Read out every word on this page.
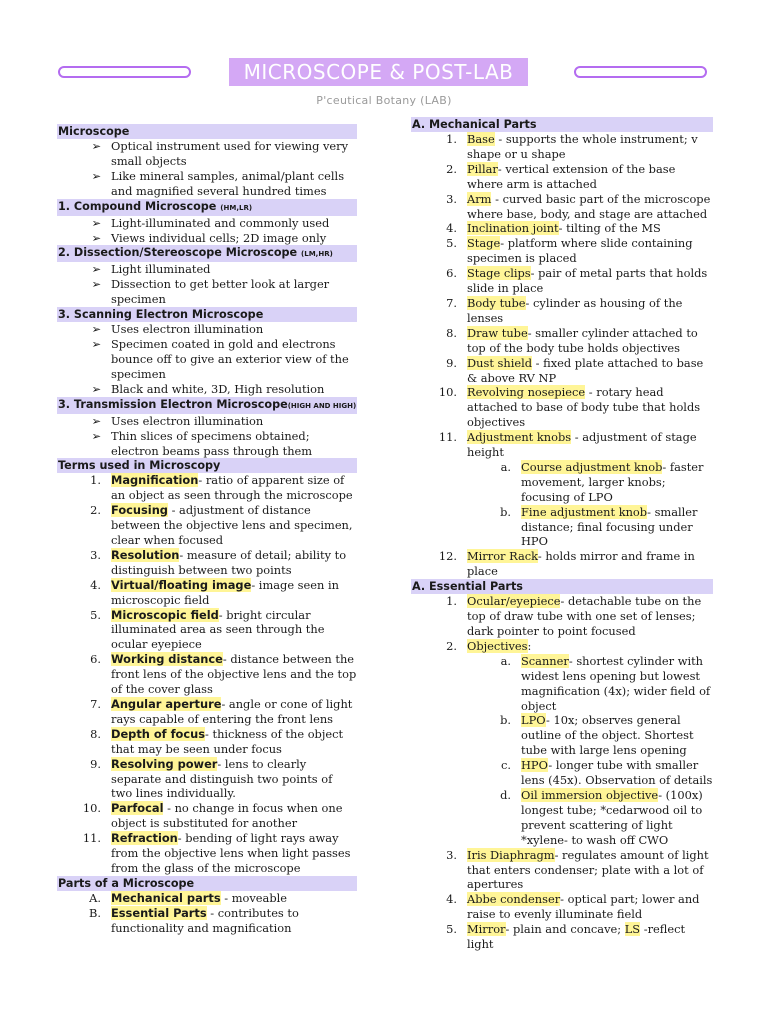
MICROSCOPE & POST-LAB
P'ceutical Botany (LAB)
Microscope
➢ Optical instrument used for viewing very small objects
➢ Like mineral samples, animal/plant cells and magnified several hundred times
1. Compound Microscope (HM,LR)
➢ Light-illuminated and commonly used
➢ Views individual cells; 2D image only
2. Dissection/Stereoscope Microscope (LM,HR)
➢ Light illuminated
➢ Dissection to get better look at larger specimen
3. Scanning Electron Microscope
➢ Uses electron illumination
➢ Specimen coated in gold and electrons bounce off to give an exterior view of the specimen
➢ Black and white, 3D, High resolution
3. Transmission Electron Microscope(HIGH AND HIGH)
➢ Uses electron illumination
➢ Thin slices of specimens obtained; electron beams pass through them
Terms used in Microscopy
1. Magnification- ratio of apparent size of an object as seen through the microscope
2. Focusing - adjustment of distance between the objective lens and specimen, clear when focused
3. Resolution- measure of detail; ability to distinguish between two points
4. Virtual/floating image- image seen in microscopic field
5. Microscopic field- bright circular illuminated area as seen through the ocular eyepiece
6. Working distance- distance between the front lens of the objective lens and the top of the cover glass
7. Angular aperture- angle or cone of light rays capable of entering the front lens
8. Depth of focus- thickness of the object that may be seen under focus
9. Resolving power- lens to clearly separate and distinguish two points of two lines individually.
10. Parfocal - no change in focus when one object is substituted for another
11. Refraction- bending of light rays away from the objective lens when light passes from the glass of the microscope
Parts of a Microscope
A. Mechanical parts - moveable
B. Essential Parts - contributes to functionality and magnification
A. Mechanical Parts
1. Base - supports the whole instrument; v shape or u shape
2. Pillar- vertical extension of the base where arm is attached
3. Arm - curved basic part of the microscope where base, body, and stage are attached
4. Inclination joint- tilting of the MS
5. Stage- platform where slide containing specimen is placed
6. Stage clips- pair of metal parts that holds slide in place
7. Body tube- cylinder as housing of the lenses
8. Draw tube- smaller cylinder attached to top of the body tube holds objectives
9. Dust shield - fixed plate attached to base & above RV NP
10. Revolving nosepiece - rotary head attached to base of body tube that holds objectives
11. Adjustment knobs - adjustment of stage height
a. Course adjustment knob- faster movement, larger knobs; focusing of LPO
b. Fine adjustment knob- smaller distance; final focusing under HPO
12. Mirror Rack- holds mirror and frame in place
A. Essential Parts
1. Ocular/eyepiece- detachable tube on the top of draw tube with one set of lenses; dark pointer to point focused
2. Objectives:
a. Scanner- shortest cylinder with widest lens opening but lowest magnification (4x); wider field of object
b. LPO- 10x; observes general outline of the object. Shortest tube with large lens opening
c. HPO- longer tube with smaller lens (45x). Observation of details
d. Oil immersion objective- (100x) longest tube; *cedarwood oil to prevent scattering of light *xylene- to wash off CWO
3. Iris Diaphragm- regulates amount of light that enters condenser; plate with a lot of apertures
4. Abbe condenser- optical part; lower and raise to evenly illuminate field
5. Mirror- plain and concave; LS -reflect light
